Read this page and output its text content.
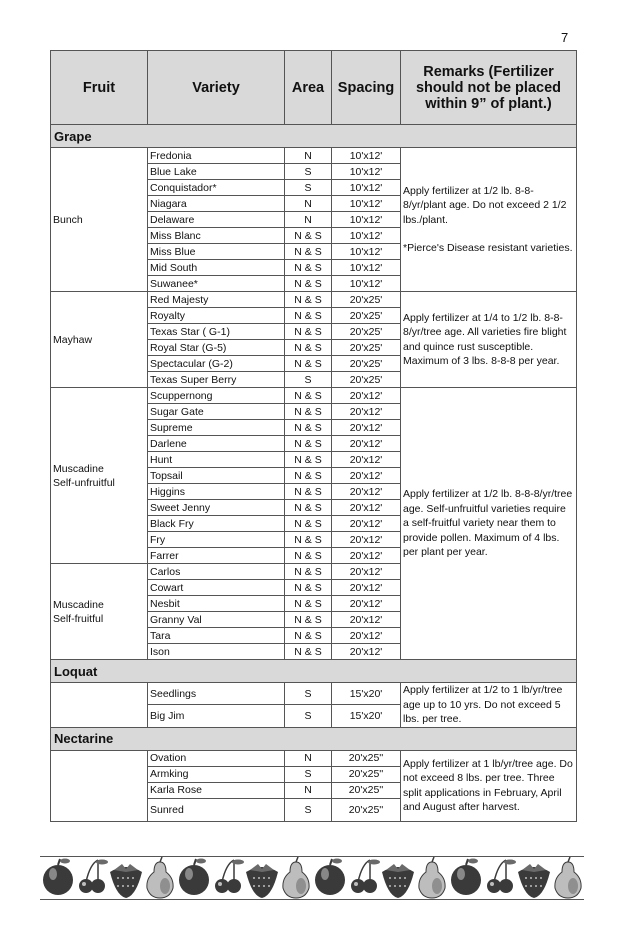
7
Fruit	Variety	Area	Spacing	Remarks (Fertilizer should not be placed within 9” of plant.)
Grape				
Bunch	Fredonia	N	10'x12'	Apply fertilizer at 1/2 lb. 8-8-8/yr/plant age. Do not exceed 2 1/2 lbs./plant.
*Pierce's Disease resistant varieties.

	Blue Lake	S	10'x12'	
	Conquistador*	S	10'x12'	
	Niagara	N	10'x12'	
	Delaware	N	10'x12'	
	Miss Blanc	N & S	10'x12'	
	Miss Blue	N & S	10'x12'	
	Mid South	N & S	10'x12'	
	Suwanee*	N & S	10'x12'	
Mayhaw	Red Majesty	N & S	20'x25'	Apply fertilizer at 1/4 to 1/2 lb. 8-8-8/yr/tree age. All varieties fire blight and quince rust susceptible. Maximum of 3 lbs. 8-8-8 per year.
	Royalty	N & S	20'x25'	
	Texas Star ( G-1)	N & S	20'x25'	
	Royal Star (G-5)	N & S	20'x25'	
	Spectacular (G-2)	N & S	20'x25'	
	Texas Super Berry	S	20'x25'	

Muscadine
Self-unfruitful	Scuppernong	N & S	20'x12'	Apply fertilizer at 1/2 lb. 8-8-8/yr/tree age. Self-unfruitful varieties require a self-fruitful variety near them to provide pollen. Maximum of 4 lbs. per plant per year.
	Sugar Gate	N & S	20'x12'	
	Supreme	N & S	20'x12'	
	Darlene	N & S	20'x12'	
	Hunt	N & S	20'x12'	
	Topsail	N & S	20'x12'	
	Higgins	N & S	20'x12'	
	Sweet Jenny	N & S	20'x12'	
	Black Fry	N & S	20'x12'	
	Fry	N & S	20'x12'	
	Farrer	N & S	20'x12'	

Muscadine
Self-fruitful	Carlos	N & S	20'x12'	
	Cowart	N & S	20'x12'	
	Nesbit	N & S	20'x12'	
	Granny Val	N & S	20'x12'	
	Tara	N & S	20'x12'	
	Ison	N & S	20'x12'	
Loquat				
	Seedlings	S	15'x20'	Apply fertilizer at 1/2 to 1 lb/yr/tree age up to 10 yrs. Do not exceed 5 lbs. per tree.
	Big Jim	S	15'x20'	
Nectarine				
	Ovation	N	20'x25''	Apply fertilizer at 1 lb/yr/tree age. Do not exceed 8 lbs. per tree. Three split applications in February, April and August after harvest.
	Armking	S	20'x25''	
	Karla Rose	N	20'x25''	
	Sunred	S	20'x25''	
